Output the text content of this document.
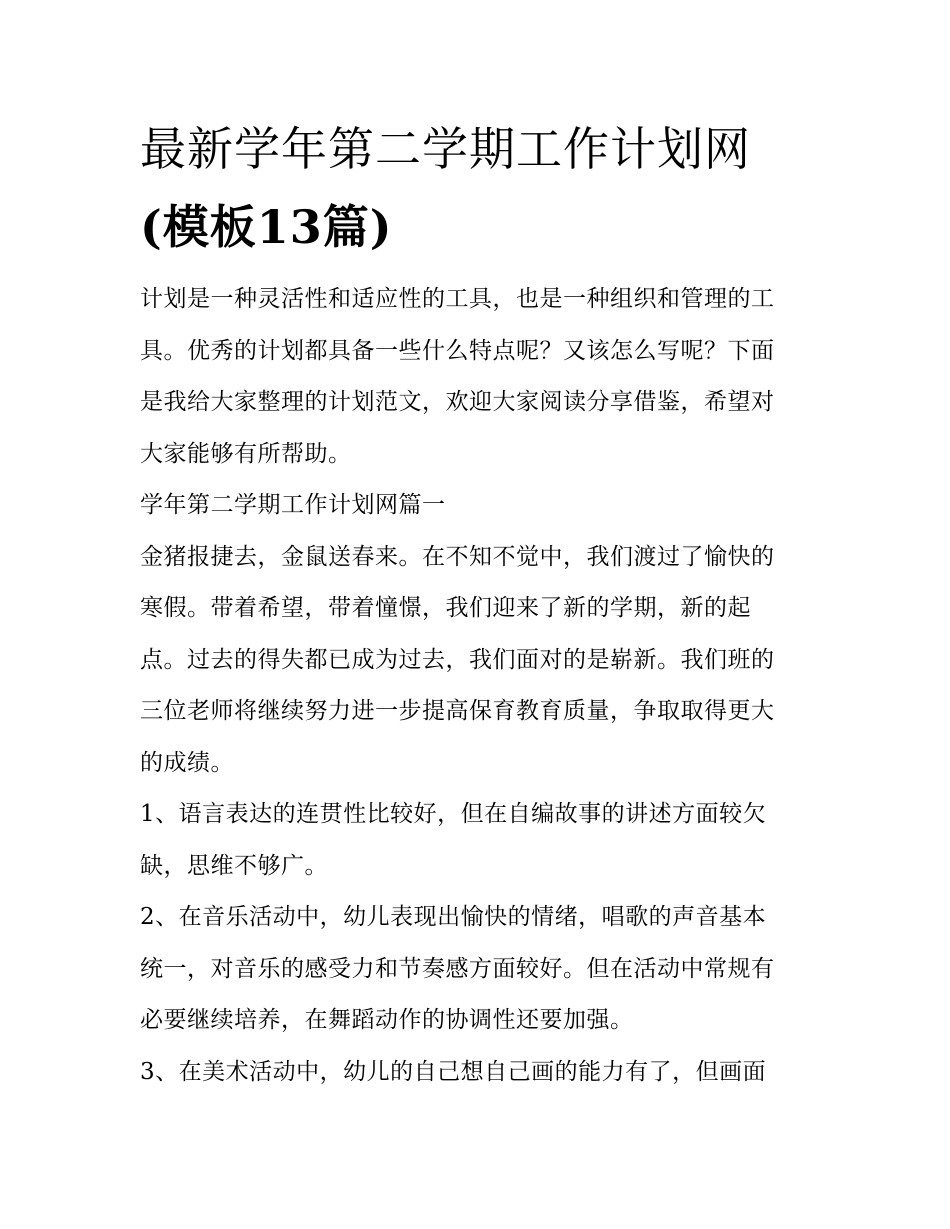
最新学年第二学期工作计划网
(模板13篇)

计划是一种灵活性和适应性的工具，也是一种组织和管理的工
具。优秀的计划都具备一些什么特点呢？又该怎么写呢？下面
是我给大家整理的计划范文，欢迎大家阅读分享借鉴，希望对
大家能够有所帮助。

学年第二学期工作计划网篇一

金猪报捷去，金鼠送春来。在不知不觉中，我们渡过了愉快的
寒假。带着希望，带着憧憬，我们迎来了新的学期，新的起
点。过去的得失都已成为过去，我们面对的是崭新。我们班的
三位老师将继续努力进一步提高保育教育质量，争取取得更大
的成绩。

1、语言表达的连贯性比较好，但在自编故事的讲述方面较欠
缺，思维不够广。

2、在音乐活动中，幼儿表现出愉快的情绪，唱歌的声音基本
统一，对音乐的感受力和节奏感方面较好。但在活动中常规有
必要继续培养，在舞蹈动作的协调性还要加强。

3、在美术活动中，幼儿的自己想自己画的能力有了，但画面
